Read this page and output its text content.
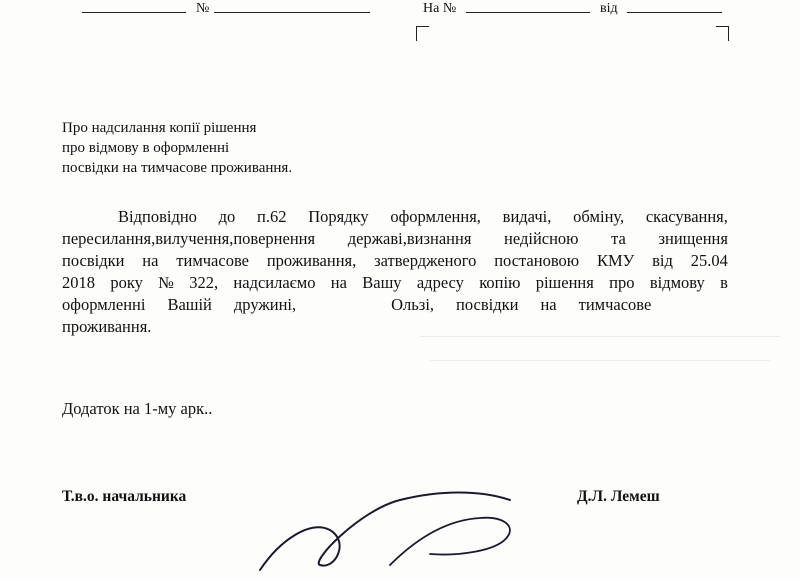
№	На №	від
Про надсилання копії рішення
про відмову в оформленні
посвідки на тимчасове проживання.
Відповідно до п.62 Порядку оформлення, видачі, обміну, скасування,
пересилання,вилучення,повернення державі,визнання недійсною та знищення
посвідки на тимчасове проживання, затвердженого постановою КМУ від 25.04
2018 року № 322, надсилаємо на Вашу адресу копію рішення про відмову в
оформленні Вашій дружині,	Ользі, посвідки на тимчасове
проживання.
Додаток на 1-му арк..
Т.в.о. начальника	Д.Л. Лемеш
